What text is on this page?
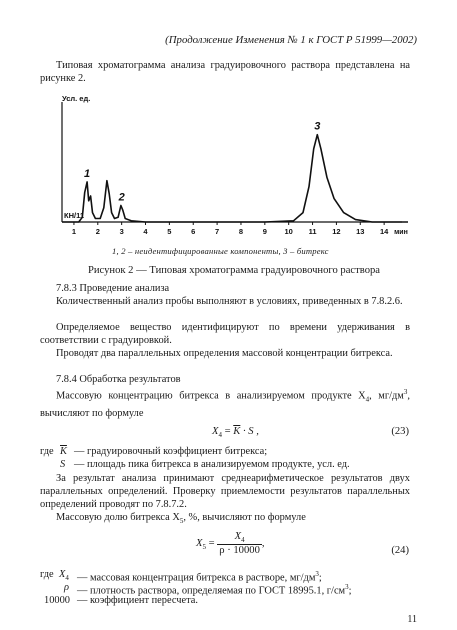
(Продолжение Изменения № 1 к ГОСТ Р 51999—2002)

Типовая хроматограмма анализа градуировочного раствора представлена на рисунке 2.

Усл. ед.
КН/11
1	2	3	4	5	6	7	8	9 10 11 12 13 14 мин
1
2
3
1, 2 – неидентифицированные компоненты, 3 – битрекс
Рисунок 2 — Типовая хроматограмма градуировочного раствора
7.8.3 Проведение анализа

Количественный анализ пробы выполняют в условиях, приведенных в 7.8.2.6.

Определяемое вещество идентифицируют по времени удерживания в соответствии с градуировкой.

Проводят два параллельных определения массовой концентрации битрекса.

7.8.4 Обработка результатов

Массовую концентрацию битрекса в анализируемом продукте $X_4$, $мг/дм^3$, вычисляют по формуле

$X_4 = \overline{K} \cdot S$ ,	(23)
где $\overline{K}$ — градуировочный коэффициент битрекса;
S — площадь пика битрекса в анализируемом продукте, усл. ед.

За результат анализа принимают среднеарифметическое результатов двух параллельных определений. Проверку приемлемости результатов параллельных определений проводят по 7.8.7.2.

Массовую долю битрекса $X_5$, %, вычисляют по формуле

$X_5 = \frac{X_4}{\rho \cdot 10000}$ ,
(24)
где $X_4$ — массовая концентрация битрекса в растворе, $мг/дм^3$;
ρ — плотность раствора, определяемая по ГОСТ 18995.1, $г/см^3$;
10000 — коэффициент пересчета.
11
